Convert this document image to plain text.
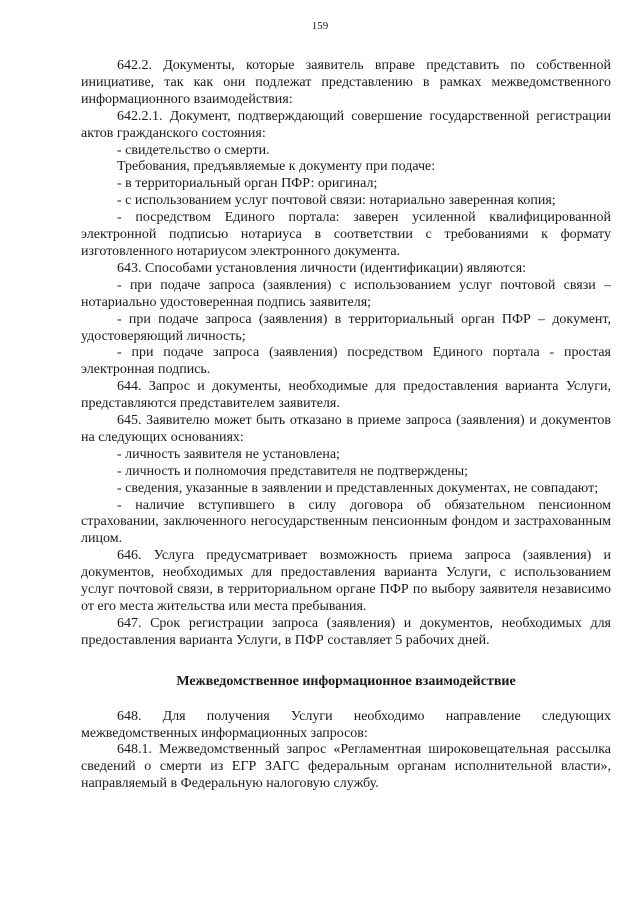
159

642.2. Документы, которые заявитель вправе представить по собственной инициативе, так как они подлежат представлению в рамках межведомственного информационного взаимодействия:

642.2.1. Документ, подтверждающий совершение государственной регистрации актов гражданского состояния:

- свидетельство о смерти.

Требования, предъявляемые к документу при подаче:

- в территориальный орган ПФР: оригинал;

- с использованием услуг почтовой связи: нотариально заверенная копия;

- посредством Единого портала: заверен усиленной квалифицированной электронной подписью нотариуса в соответствии с требованиями к формату изготовленного нотариусом электронного документа.

643. Способами установления личности (идентификации) являются:

- при подаче запроса (заявления) с использованием услуг почтовой связи – нотариально удостоверенная подпись заявителя;

- при подаче запроса (заявления) в территориальный орган ПФР – документ, удостоверяющий личность;

- при подаче запроса (заявления) посредством Единого портала - простая электронная подпись.

644. Запрос и документы, необходимые для предоставления варианта Услуги, представляются представителем заявителя.

645. Заявителю может быть отказано в приеме запроса (заявления) и документов на следующих основаниях:

- личность заявителя не установлена;

- личность и полномочия представителя не подтверждены;

- сведения, указанные в заявлении и представленных документах, не совпадают;

- наличие вступившего в силу договора об обязательном пенсионном страховании, заключенного негосударственным пенсионным фондом и застрахованным лицом.

646. Услуга предусматривает возможность приема запроса (заявления) и документов, необходимых для предоставления варианта Услуги, с использованием услуг почтовой связи, в территориальном органе ПФР по выбору заявителя независимо от его места жительства или места пребывания.

647. Срок регистрации запроса (заявления) и документов, необходимых для предоставления варианта Услуги, в ПФР составляет 5 рабочих дней.

Межведомственное информационное взаимодействие

648. Для получения Услуги необходимо направление следующих межведомственных информационных запросов:

648.1. Межведомственный запрос «Регламентная широковещательная рассылка сведений о смерти из ЕГР ЗАГС федеральным органам исполнительной власти», направляемый в Федеральную налоговую службу.
